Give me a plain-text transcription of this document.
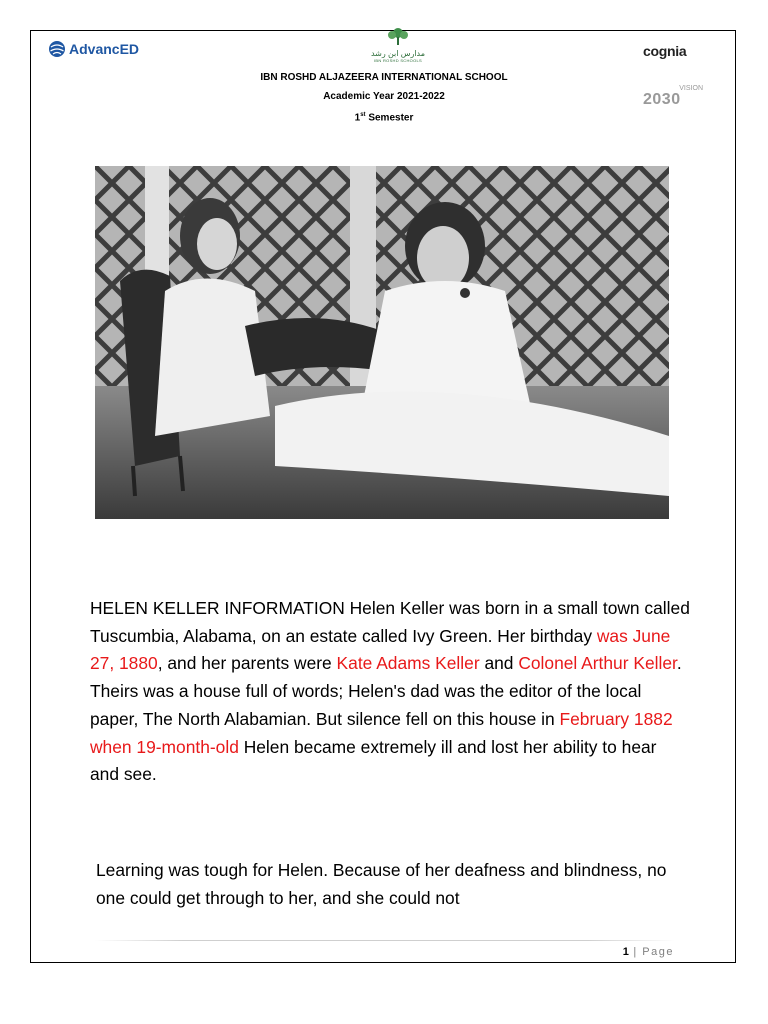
AdvancED	مدارس ابن رشد
IBN ROSHD SCHOOLS
cognia
VISION
2030
IBN ROSHD ALJAZEERA INTERNATIONAL SCHOOL
Academic Year 2021-2022
1st Semester
HELEN KELLER INFORMATION Helen Keller was born in a small town called Tuscumbia, Alabama, on an estate called Ivy Green. Her birthday was June 27, 1880, and her parents were Kate Adams Keller and Colonel Arthur Keller. Theirs was a house full of words; Helen's dad was the editor of the local paper, The North Alabamian. But silence fell on this house in February 1882 when 19-month-old Helen became extremely ill and lost her ability to hear and see.
Learning was tough for Helen. Because of her deafness and blindness, no one could get through to her, and she could not
1 | Page
